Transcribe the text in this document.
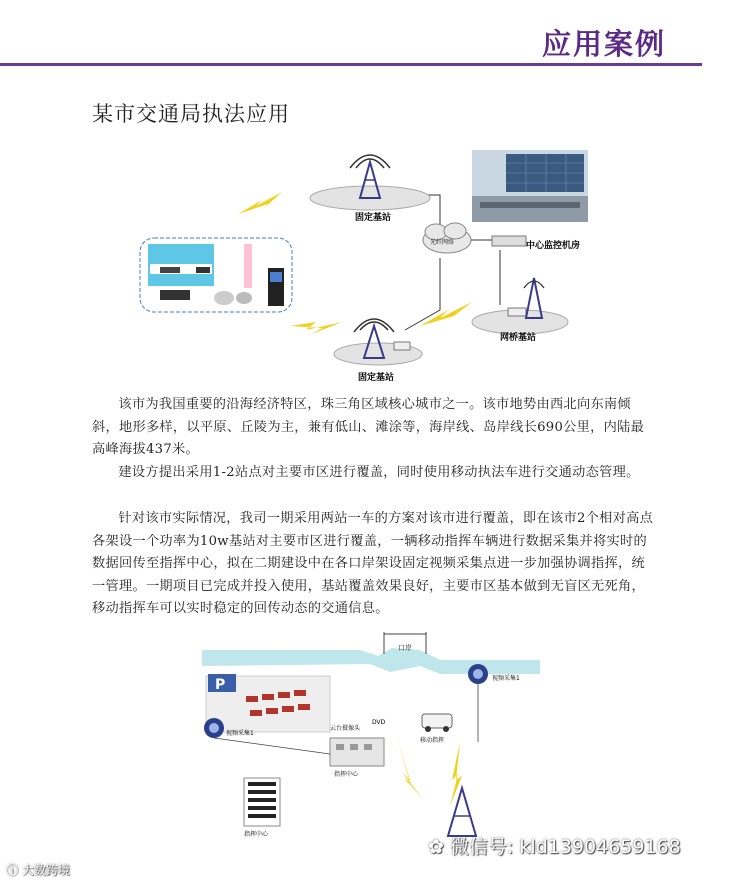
应用案例
某市交通局执法应用
固定基站
光纤网络	中心监控机房
网桥基站
固定基站

该市为我国重要的沿海经济特区，珠三角区域核心城市之一。该市地势由西北向东南倾斜，地形多样，以平原、丘陵为主，兼有低山、滩涂等，海岸线、岛岸线长690公里，内陆最高峰海拔437米。

建设方提出采用1-2站点对主要市区进行覆盖，同时使用移动执法车进行交通动态管理。

针对该市实际情况，我司一期采用两站一车的方案对该市进行覆盖，即在该市2个相对高点各架设一个功率为10w基站对主要市区进行覆盖，一辆移动指挥车辆进行数据采集并将实时的数据回传至指挥中心，拟在二期建设中在各口岸架设固定视频采集点进一步加强协调指挥，统一管理。一期项目已完成并投入使用，基站覆盖效果良好，主要市区基本做到无盲区无死角，移动指挥车可以实时稳定的回传动态的交通信息。

口岸
P	视频采集1
视频采集1
云台摄像头
DVD
指挥中心
移动指挥
指挥中心
ⓘ 大数跨境
✿ 微信号: kld13904659168
